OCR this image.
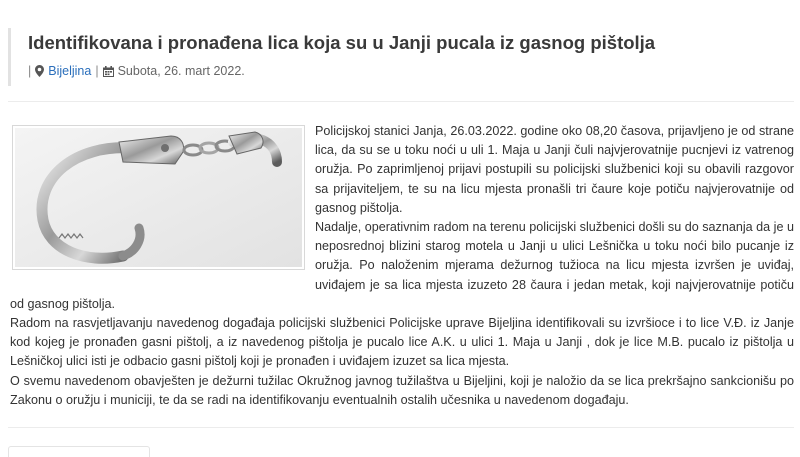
Identifikovana i pronađena lica koja su u Janji pucala iz gasnog pištolja
| Bijeljina | Subota, 26. mart 2022.

Policijskoj stanici Janja, 26.03.2022. godine oko 08,20 časova, prijavljeno je od strane lica, da su se u toku noći u uli 1. Maja u Janji čuli najvjerovatnije pucnjevi iz vatrenog oružja. Po zaprimljenoj prijavi postupili su policijski službenici koji su obavili razgovor sa prijaviteljem, te su na licu mjesta pronašli tri čaure koje potiču najvjerovatnije od gasnog pištolja.

Nadalje, operativnim radom na terenu policijski službenici došli su do saznanja da je u neposrednoj blizini starog motela u Janji u ulici Lešnička u toku noći bilo pucanje iz oružja. Po naloženim mjerama dežurnog tužioca na licu mjesta izvršen je uviđaj, uviđajem je sa lica mjesta izuzeto 28 čaura i jedan metak, koji najvjerovatnije potiču od gasnog pištolja.

Radom na rasvjetljavanju navedenog događaja policijski službenici Policijske uprave Bijeljina identifikovali su izvršioce i to lice V.Đ. iz Janje kod kojeg je pronađen gasni pištolj, a iz navedenog pištolja je pucalo lice A.K. u ulici 1. Maja u Janji , dok je lice M.B. pucalo iz pištolja u Lešničkoj ulici isti je odbacio gasni pištolj koji je pronađen i uviđajem izuzet sa lica mjesta.

O svemu navedenom obavješten je dežurni tužilac Okružnog javnog tužilaštva u Bijeljini, koji je naložio da se lica prekršajno sankcionišu po Zakonu o oružju i municiji, te da se radi na identifikovanju eventualnih ostalih učesnika u navedenom događaju.
